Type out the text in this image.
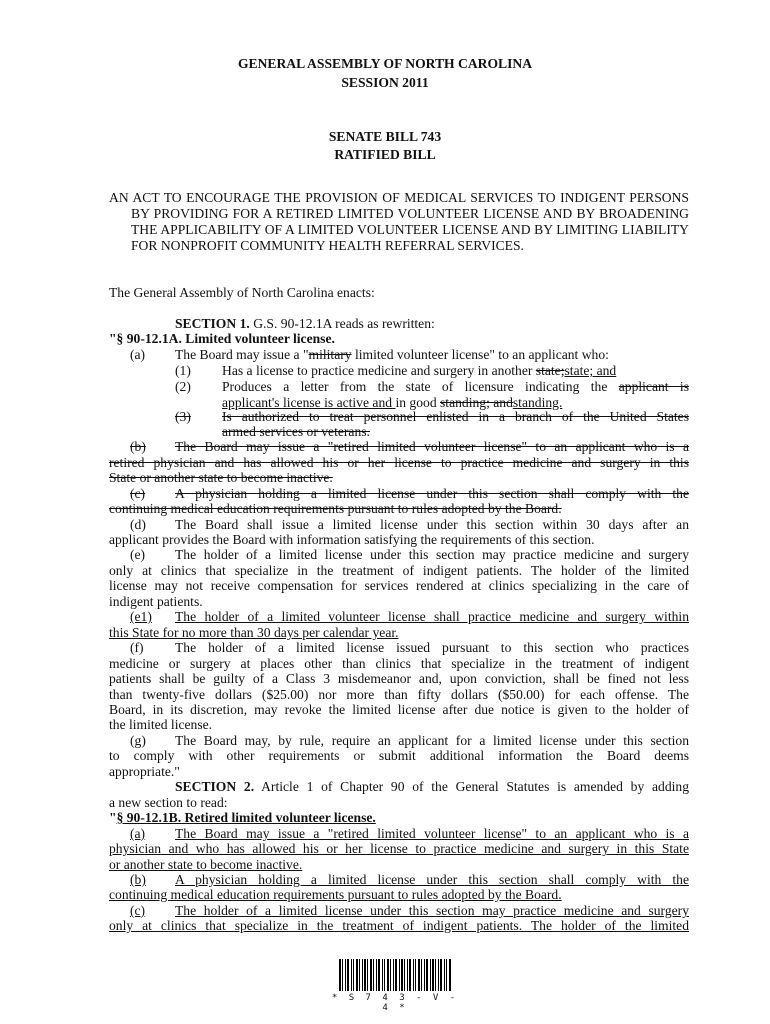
GENERAL ASSEMBLY OF NORTH CAROLINA
SESSION 2011
SENATE BILL 743
RATIFIED BILL
AN ACT TO ENCOURAGE THE PROVISION OF MEDICAL SERVICES TO INDIGENT PERSONS BY PROVIDING FOR A RETIRED LIMITED VOLUNTEER LICENSE AND BY BROADENING THE APPLICABILITY OF A LIMITED VOLUNTEER LICENSE AND BY LIMITING LIABILITY FOR NONPROFIT COMMUNITY HEALTH REFERRAL SERVICES.
The General Assembly of North Carolina enacts:
SECTION 1. G.S. 90-12.1A reads as rewritten:
"§ 90-12.1A. Limited volunteer license.
(a) The Board may issue a "military limited volunteer license" to an applicant who:
(1) Has a license to practice medicine and surgery in another state;state; and
(2) Produces a letter from the state of licensure indicating the applicant is
applicant's license is active and in good standing; andstanding.
(3) Is authorized to treat personnel enlisted in a branch of the United States
armed services or veterans.
(b) The Board may issue a "retired limited volunteer license" to an applicant who is a
retired physician and has allowed his or her license to practice medicine and surgery in this
State or another state to become inactive.
(c) A physician holding a limited license under this section shall comply with the
continuing medical education requirements pursuant to rules adopted by the Board.
(d) The Board shall issue a limited license under this section within 30 days after an
applicant provides the Board with information satisfying the requirements of this section.
(e) The holder of a limited license under this section may practice medicine and surgery
only at clinics that specialize in the treatment of indigent patients. The holder of the limited
license may not receive compensation for services rendered at clinics specializing in the care of
indigent patients.
(e1) The holder of a limited volunteer license shall practice medicine and surgery within
this State for no more than 30 days per calendar year.
(f) The holder of a limited license issued pursuant to this section who practices
medicine or surgery at places other than clinics that specialize in the treatment of indigent
patients shall be guilty of a Class 3 misdemeanor and, upon conviction, shall be fined not less
than twenty-five dollars ($25.00) nor more than fifty dollars ($50.00) for each offense. The
Board, in its discretion, may revoke the limited license after due notice is given to the holder of
the limited license.
(g) The Board may, by rule, require an applicant for a limited license under this section
to comply with other requirements or submit additional information the Board deems
appropriate."
SECTION 2. Article 1 of Chapter 90 of the General Statutes is amended by adding
a new section to read:
"§ 90-12.1B. Retired limited volunteer license.
(a) The Board may issue a "retired limited volunteer license" to an applicant who is a
physician and who has allowed his or her license to practice medicine and surgery in this State
or another state to become inactive.
(b) A physician holding a limited license under this section shall comply with the
continuing medical education requirements pursuant to rules adopted by the Board.
(c) The holder of a limited license under this section may practice medicine and surgery
only at clinics that specialize in the treatment of indigent patients. The holder of the limited
* S 7 4 3 - V - 4 *
